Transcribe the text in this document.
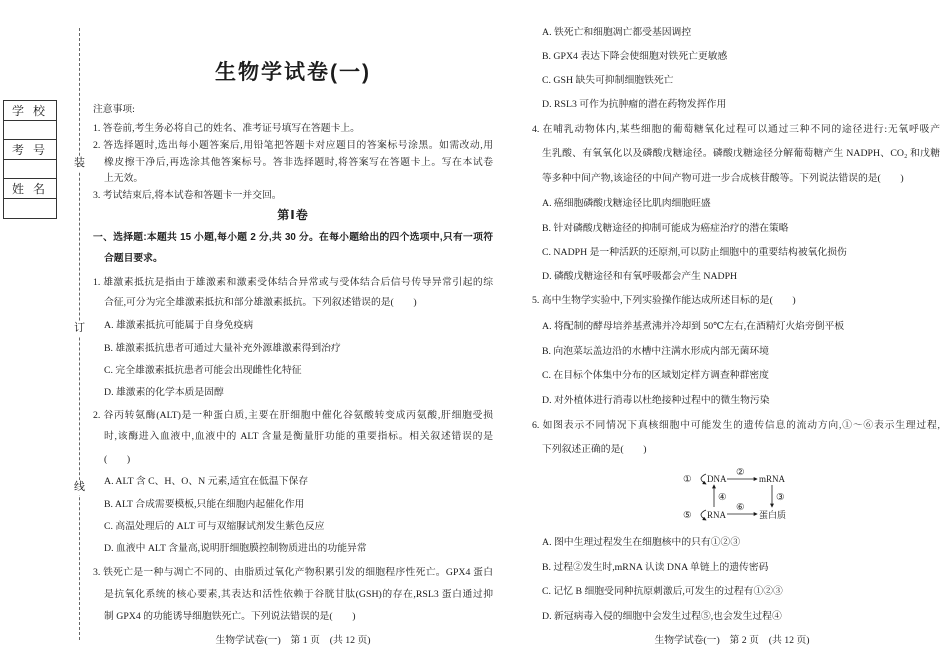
学 校
考 号
姓 名
装
订
线
生物学试卷(一)
注意事项:
1. 答卷前,考生务必将自己的姓名、准考证号填写在答题卡上。
2. 答选择题时,选出每小题答案后,用铅笔把答题卡对应题目的答案标号涂黑。如需改动,用
橡皮擦干净后,再选涂其他答案标号。答非选择题时,将答案写在答题卡上。写在本试卷
上无效。
3. 考试结束后,将本试卷和答题卡一并交回。
第Ⅰ卷
一、选择题:本题共 15 小题,每小题 2 分,共 30 分。在每小题给出的四个选项中,只有一项符
合题目要求。
1. 雄激素抵抗是指由于雄激素和激素受体结合异常或与受体结合后信号传导异常引起的综
合征,可分为完全雄激素抵抗和部分雄激素抵抗。下列叙述错误的是(　　)
A. 雄激素抵抗可能属于自身免疫病
B. 雄激素抵抗患者可通过大量补充外源雄激素得到治疗
C. 完全雄激素抵抗患者可能会出现雌性化特征
D. 雄激素的化学本质是固醇
2. 谷丙转氨酶(ALT)是一种蛋白质,主要在肝细胞中催化谷氨酸转变成丙氨酸,肝细胞受损
时,该酶进入血液中,血液中的 ALT 含量是衡量肝功能的重要指标。相关叙述错误的是
(　　)
A. ALT 含 C、H、O、N 元素,适宜在低温下保存
B. ALT 合成需要模板,只能在细胞内起催化作用
C. 高温处理后的 ALT 可与双缩脲试剂发生紫色反应
D. 血液中 ALT 含量高,说明肝细胞膜控制物质进出的功能异常
3. 铁死亡是一种与凋亡不同的、由脂质过氧化产物积累引发的细胞程序性死亡。GPX4 蛋白
是抗氧化系统的核心要素,其表达和活性依赖于谷胱甘肽(GSH)的存在,RSL3 蛋白通过抑
制 GPX4 的功能诱导细胞铁死亡。下列说法错误的是(　　)
生物学试卷(一)　第 1 页　(共 12 页)
A. 铁死亡和细胞凋亡都受基因调控
B. GPX4 表达下降会使细胞对铁死亡更敏感
C. GSH 缺失可抑制细胞铁死亡
D. RSL3 可作为抗肿瘤的潜在药物发挥作用
4. 在哺乳动物体内,某些细胞的葡萄糖氧化过程可以通过三种不同的途径进行:无氧呼吸产
生乳酸、有氧氧化以及磷酸戊糖途径。磷酸戊糖途径分解葡萄糖产生 NADPH、CO₂ 和戊糖
等多种中间产物,该途径的中间产物可进一步合成核苷酸等。下列说法错误的是(　　)
A. 癌细胞磷酸戊糖途径比肌肉细胞旺盛
B. 针对磷酸戊糖途径的抑制可能成为癌症治疗的潜在策略
C. NADPH 是一种活跃的还原剂,可以防止细胞中的重要结构被氧化损伤
D. 磷酸戊糖途径和有氧呼吸都会产生 NADPH
5. 高中生物学实验中,下列实验操作能达成所述目标的是(　　)
A. 将配制的酵母培养基煮沸并冷却到 50℃左右,在酒精灯火焰旁倒平板
B. 向泡菜坛盖边沿的水槽中注满水形成内部无菌环境
C. 在目标个体集中分布的区域划定样方调查种群密度
D. 对外植体进行消毒以杜绝接种过程中的微生物污染
6. 如图表示不同情况下真核细胞中可能发生的遗传信息的流动方向,①～⑥表示生理过程,
下列叙述正确的是(　　)
① DNA
②
mRNA
③
④
⑤ RNA
⑥
蛋白质
A. 图中生理过程发生在细胞核中的只有①②③
B. 过程②发生时,mRNA 认读 DNA 单链上的遗传密码
C. 记忆 B 细胞受同种抗原刺激后,可发生的过程有①②③
D. 新冠病毒入侵的细胞中会发生过程⑤,也会发生过程④
生物学试卷(一)　第 2 页　(共 12 页)
